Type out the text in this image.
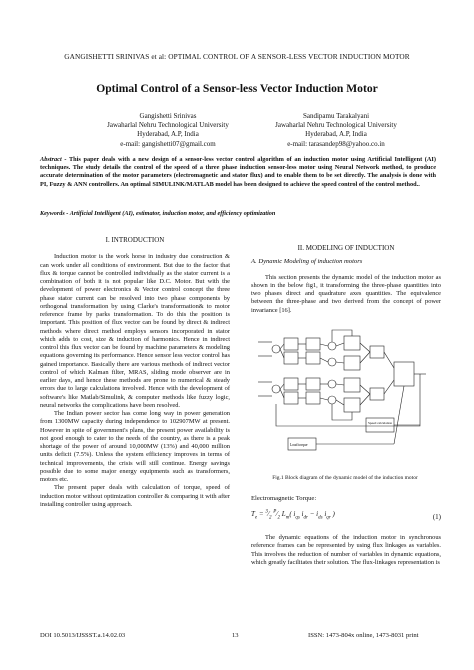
GANGISHETTI SRINIVAS et al: OPTIMAL CONTROL OF A SENSOR-LESS VECTOR INDUCTION MOTOR
Optimal Control of a Sensor-less Vector Induction Motor
Gangishetti Srinivas
Jawaharlal Nehru Technological University
Hyderabad, A.P, India
e-mail: gangishetti07@gmail.com
Sandipamu Tarakalyani
Jawaharlal Nehru Technological University
Hyderabad, A.P, India
e-mail: tarasandep98@yahoo.co.in
Abstract - This paper deals with a new design of a sensor-less vector control algorithm of an induction motor using Artificial Intelligent (AI) techniques. The study details the control of the speed of a three phase induction sensor-less motor using Neural Network method, to produce accurate determination of the motor parameters (electromagnetic and stator flux) and to enable them to be set directly. The analysis is done with PI, Fuzzy & ANN controllers. An optimal SIMULINK/MATLAB model has been designed to achieve the speed control of the control method..
Keywords - Artificial Intelligent (AI), estimator, induction motor, and efficiency optimization
I. INTRODUCTION

Induction motor is the work horse in industry due construction & can work under all conditions of environment. But due to the factor that flux & torque cannot be controlled individually as the stator current is a combination of both it is not popular like D.C. Motor. But with the development of power electronics & Vector control concept the three phase stator current can be resolved into two phase components by orthogonal transformation by using Clarke's transformation& to motor reference frame by parks transformation. To do this the position is important. This position of flux vector can be found by direct & indirect methods where direct method employs sensors incorporated in stator which adds to cost, size & induction of harmonics. Hence in indirect control this flux vector can be found by machine parameters & modeling equations governing its performance. Hence sensor less vector control has gained importance. Basically there are various methods of indirect vector control of which Kalman filter, MRAS, sliding mode observer are in earlier days, and hence these methods are prone to numerical & steady errors due to large calculations involved. Hence with the development of software's like Matlab/Simulink, & computer methods like fuzzy logic, neural networks the complications have been resolved.

The Indian power sector has come long way in power generation from 1300MW capacity during independence to 102907MW at present. However in spite of government's plans, the present power availability is not good enough to cater to the needs of the country, as there is a peak shortage of the power of around 10,000MW (13%) and 40,000 million units deficit (7.5%). Unless the system efficiency improves in terms of technical improvements, the crisis will still continue. Energy savings possible due to some major energy equipments such as transformers, motors etc.

The present paper deals with calculation of torque, speed of induction motor without optimization controller & comparing it with after installing controller using approach.

II. MODELING OF INDUCTION
A. Dynamic Modeling of induction motors

This section presents the dynamic model of the induction motor as shown in the below fig1, it transforming the three-phase quantities into two phases direct and quadrature axes quantities. The equivalence between the three-phase and two derived from the concept of power invariance [16].

Speed calculation
Load torque
Fig.1 Block diagram of the dynamic model of the induction motor
Electromagnetic Torque:
$T_e$ = $^3⁄_2$ $^P⁄_2$ $L_m$( $i_{qs}$ $i_{dr} - i_{ds}$ $i_{qr}$ )	(1)

The dynamic equations of the induction motor in synchronous reference frames can be represented by using flux linkages as variables. This involves the reduction of number of variables in dynamic equations, which greatly facilitates their solution. The flux-linkages representation is

DOI 10.5013/IJSSST.a.14.02.03	13	ISSN: 1473-804x online, 1473-8031 print
